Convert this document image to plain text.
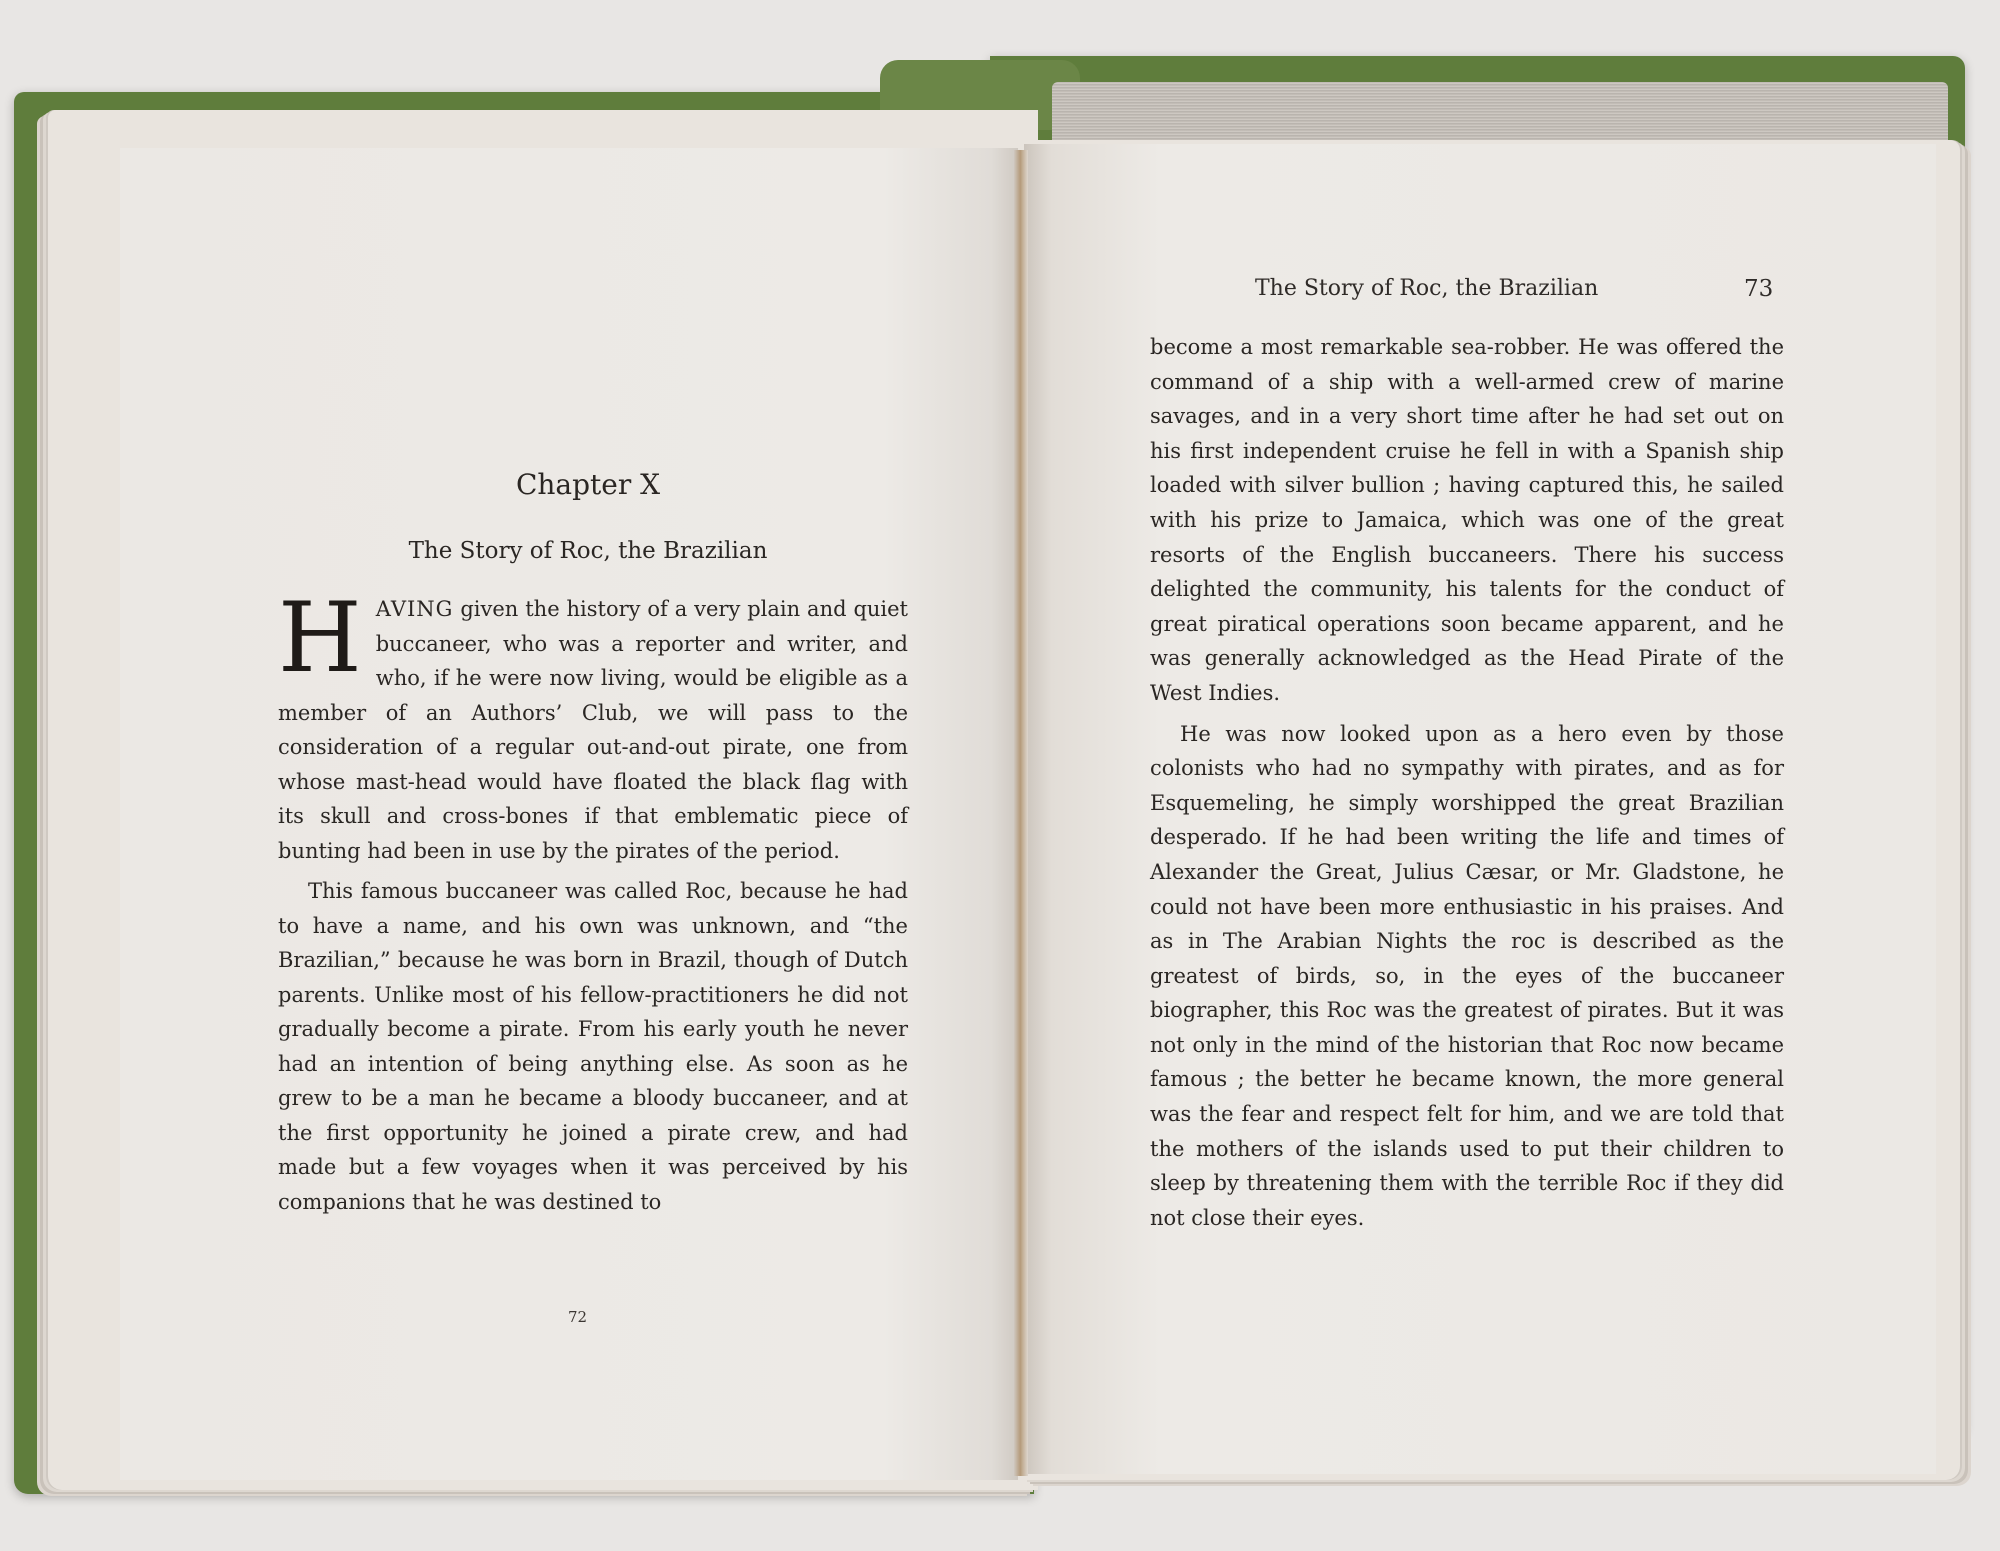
Chapter X
The Story of Roc, the Brazilian

HAVING given the history of a very plain and quiet buccaneer, who was a reporter and writer, and who, if he were now living, would be eligible as a member of an Authors’ Club, we will pass to the consideration of a regular out-and-out pirate, one from whose mast-head would have floated the black flag with its skull and cross-bones if that emblematic piece of bunting had been in use by the pirates of the period.

This famous buccaneer was called Roc, because he had to have a name, and his own was unknown, and “the Brazilian,” because he was born in Brazil, though of Dutch parents. Unlike most of his fellow-practitioners he did not gradually become a pirate. From his early youth he never had an intention of being anything else. As soon as he grew to be a man he became a bloody buccaneer, and at the first opportunity he joined a pirate crew, and had made but a few voyages when it was perceived by his companions that he was destined to

72
The Story of Roc, the Brazilian	73

become a most remarkable sea-robber. He was offered the command of a ship with a well-armed crew of marine savages, and in a very short time after he had set out on his first independent cruise he fell in with a Spanish ship loaded with silver bullion ; having captured this, he sailed with his prize to Jamaica, which was one of the great resorts of the English buccaneers. There his success delighted the community, his talents for the conduct of great piratical operations soon became apparent, and he was generally acknowledged as the Head Pirate of the West Indies.

He was now looked upon as a hero even by those colonists who had no sympathy with pirates, and as for Esquemeling, he simply worshipped the great Brazilian desperado. If he had been writing the life and times of Alexander the Great, Julius Cæsar, or Mr. Gladstone, he could not have been more enthusiastic in his praises. And as in The Arabian Nights the roc is described as the greatest of birds, so, in the eyes of the buccaneer biographer, this Roc was the greatest of pirates. But it was not only in the mind of the historian that Roc now became famous ; the better he became known, the more general was the fear and respect felt for him, and we are told that the mothers of the islands used to put their children to sleep by threatening them with the terrible Roc if they did not close their eyes.
